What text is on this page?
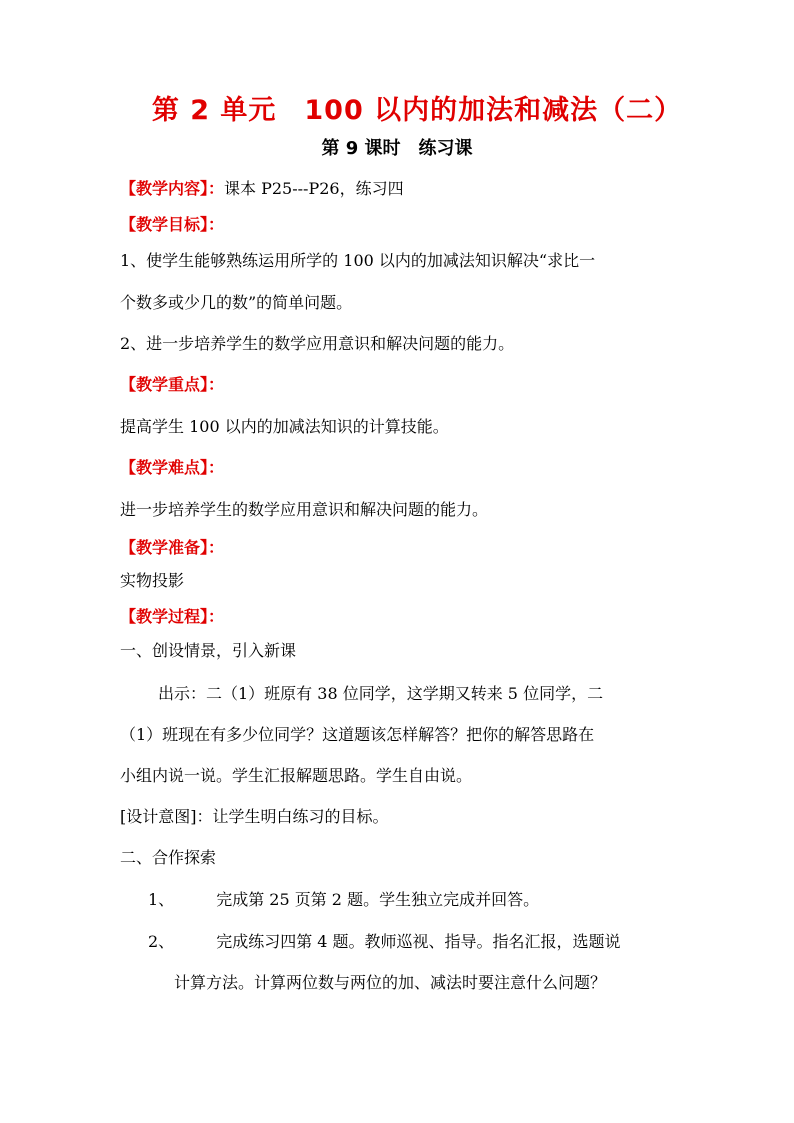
第 2 单元　100 以内的加法和减法（二）
第 9 课时　练习课
【教学内容】：课本 P25---P26，练习四
【教学目标】：
1、使学生能够熟练运用所学的 100 以内的加减法知识解决“求比一
个数多或少几的数”的简单问题。
2、进一步培养学生的数学应用意识和解决问题的能力。
【教学重点】：
提高学生 100 以内的加减法知识的计算技能。
【教学难点】：
进一步培养学生的数学应用意识和解决问题的能力。
【教学准备】：
实物投影
【教学过程】：
一、创设情景，引入新课
出示：二（1）班原有 38 位同学，这学期又转来 5 位同学，二
（1）班现在有多少位同学？这道题该怎样解答？把你的解答思路在
小组内说一说。学生汇报解题思路。学生自由说。
[设计意图]：让学生明白练习的目标。
二、合作探索
1、	完成第 25 页第 2 题。学生独立完成并回答。
2、	完成练习四第 4 题。教师巡视、指导。指名汇报，选题说
计算方法。计算两位数与两位的加、减法时要注意什么问题？
